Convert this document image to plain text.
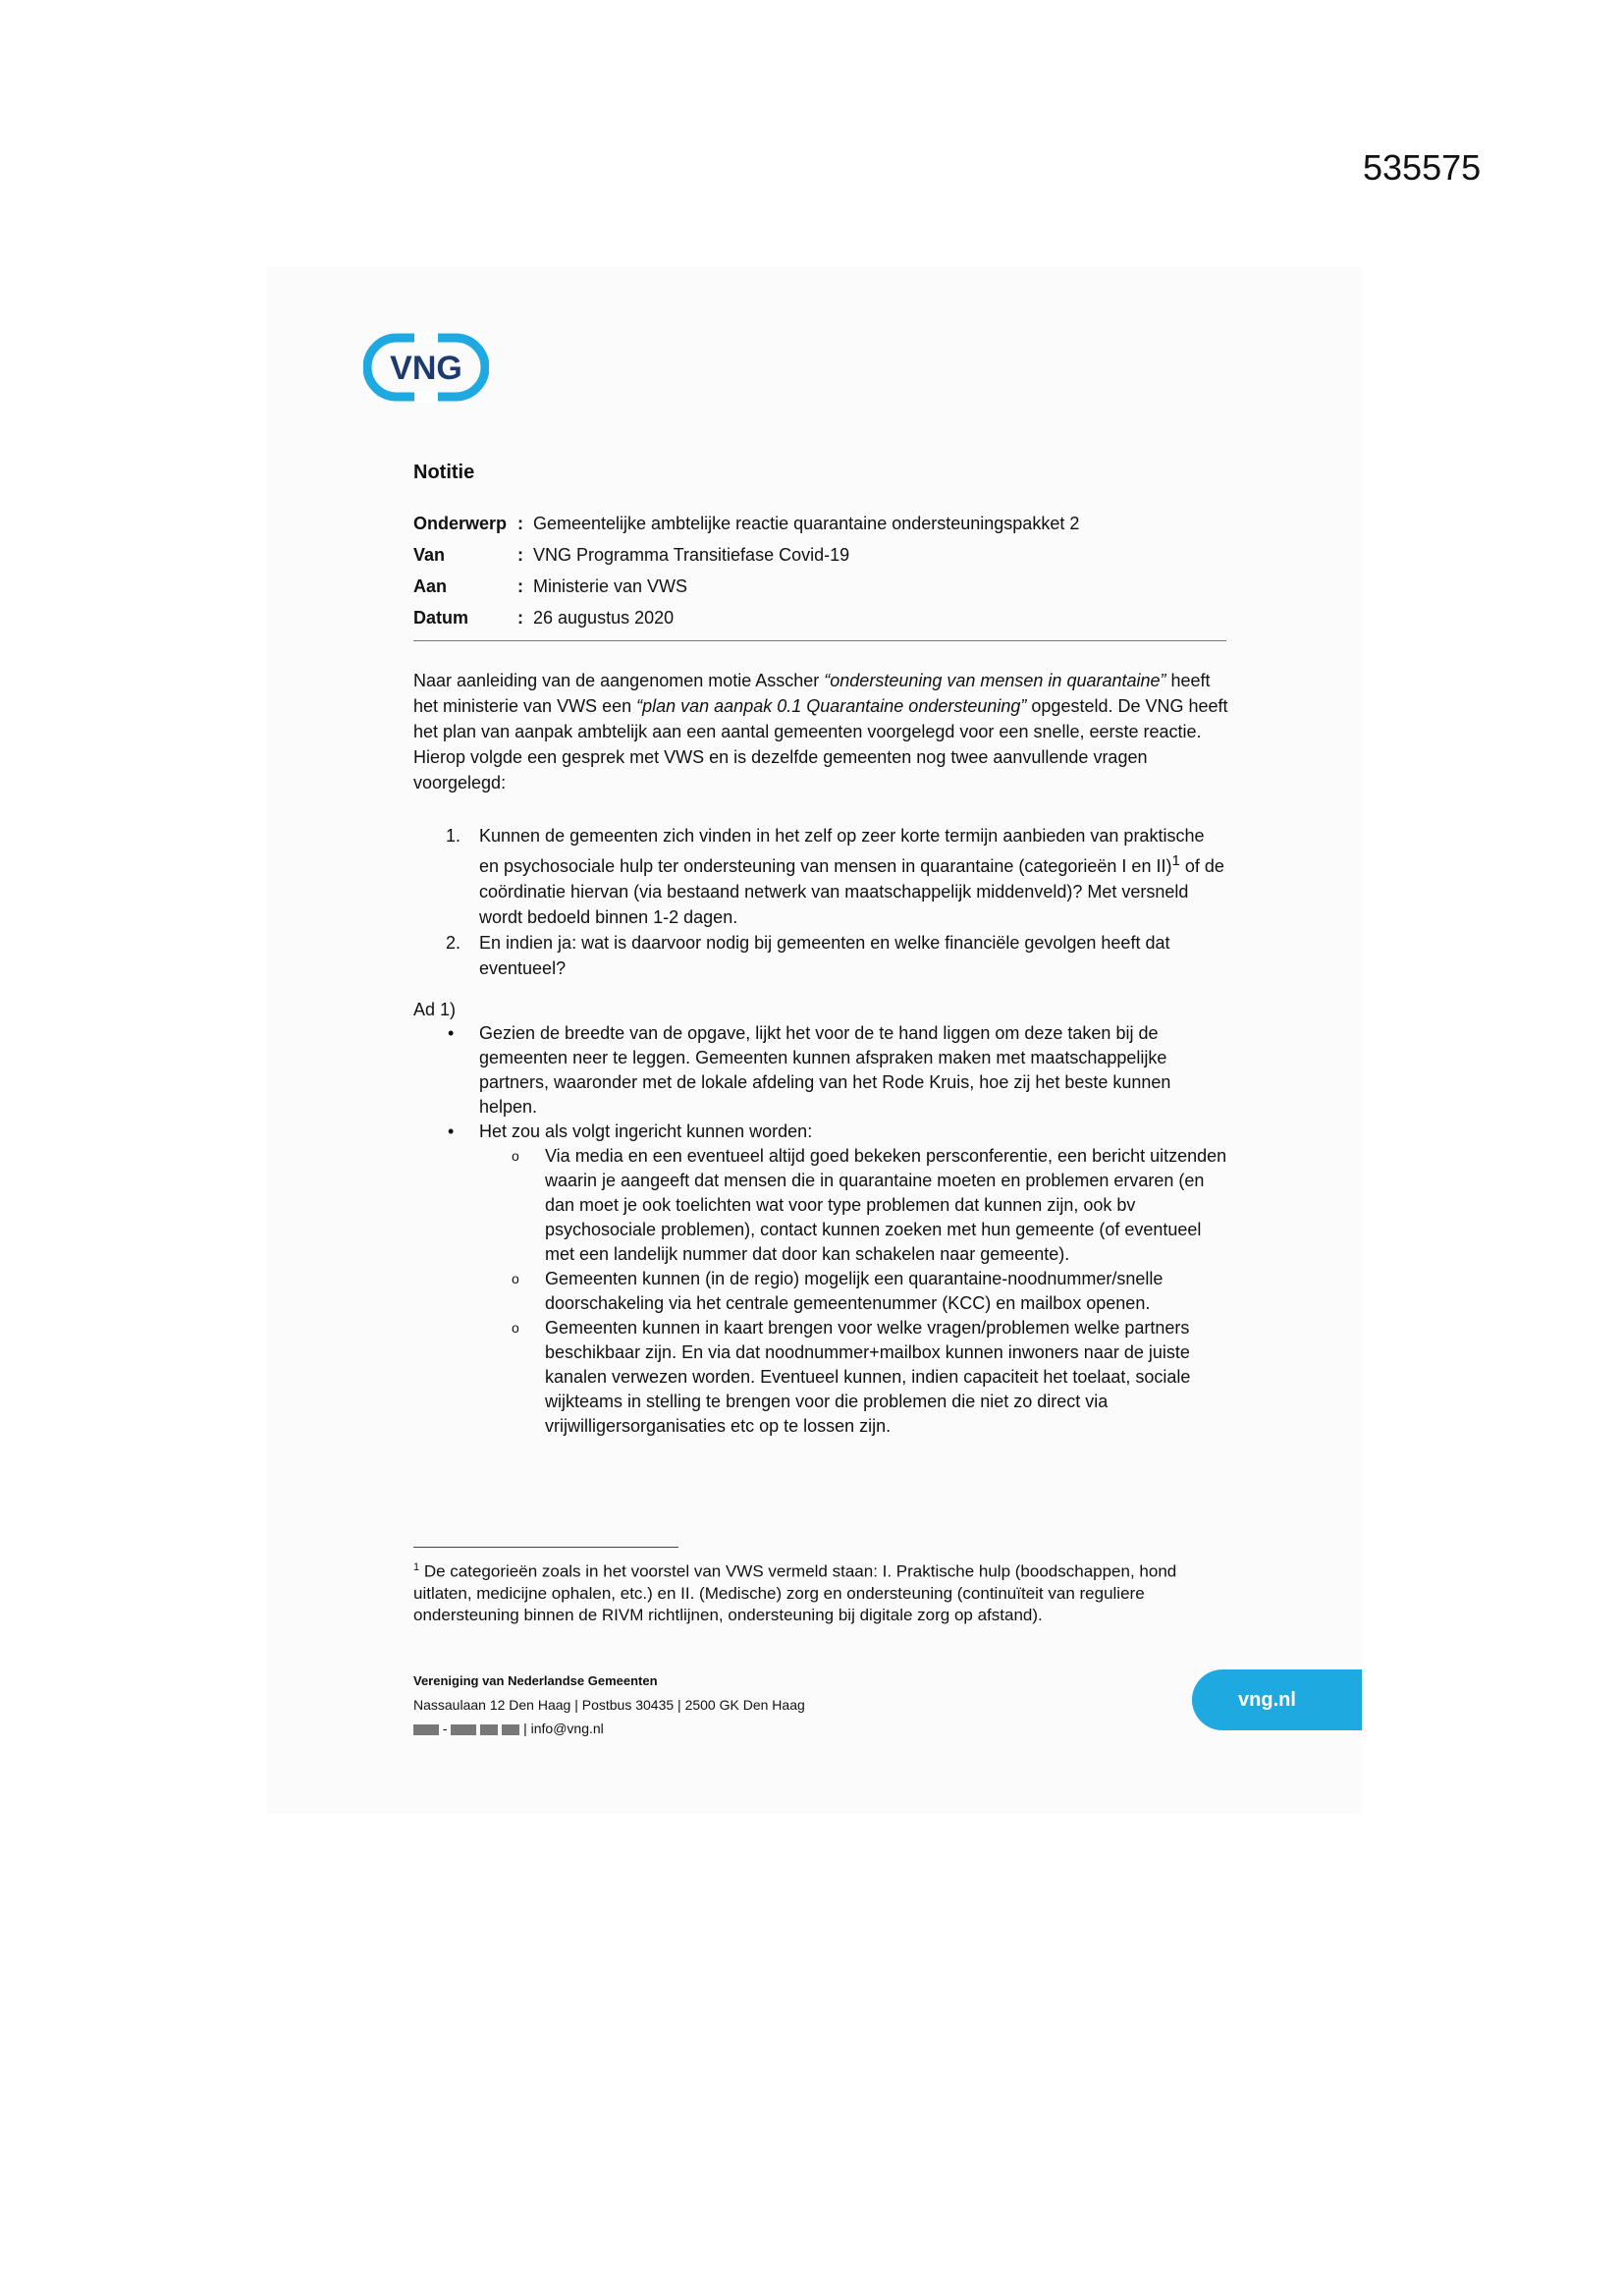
535575
VNG
Notitie
Onderwerp : Gemeentelijke ambtelijke reactie quarantaine ondersteuningspakket 2
Van	: VNG Programma Transitiefase Covid-19
Aan	: Ministerie van VWS
Datum	: 26 augustus 2020

Naar aanleiding van de aangenomen motie Asscher “ondersteuning van mensen in quarantaine” heeft het ministerie van VWS een “plan van aanpak 0.1 Quarantaine ondersteuning” opgesteld. De VNG heeft het plan van aanpak ambtelijk aan een aantal gemeenten voorgelegd voor een snelle, eerste reactie. Hierop volgde een gesprek met VWS en is dezelfde gemeenten nog twee aanvullende vragen voorgelegd:

1. Kunnen de gemeenten zich vinden in het zelf op zeer korte termijn aanbieden van praktische en psychosociale hulp ter ondersteuning van mensen in quarantaine (categorieën I en II)$^1$ of de coördinatie hiervan (via bestaand netwerk van maatschappelijk middenveld)? Met versneld wordt bedoeld binnen 1-2 dagen.
2. En indien ja: wat is daarvoor nodig bij gemeenten en welke financiële gevolgen heeft dat eventueel?
Ad 1)
• Gezien de breedte van de opgave, lijkt het voor de te hand liggen om deze taken bij de gemeenten neer te leggen. Gemeenten kunnen afspraken maken met maatschappelijke partners, waaronder met de lokale afdeling van het Rode Kruis, hoe zij het beste kunnen helpen.
• Het zou als volgt ingericht kunnen worden:
o Via media en een eventueel altijd goed bekeken persconferentie, een bericht uitzenden waarin je aangeeft dat mensen die in quarantaine moeten en problemen ervaren (en dan moet je ook toelichten wat voor type problemen dat kunnen zijn, ook bv psychosociale problemen), contact kunnen zoeken met hun gemeente (of eventueel met een landelijk nummer dat door kan schakelen naar gemeente).
o Gemeenten kunnen (in de regio) mogelijk een quarantaine-noodnummer/snelle doorschakeling via het centrale gemeentenummer (KCC) en mailbox openen.
o Gemeenten kunnen in kaart brengen voor welke vragen/problemen welke partners beschikbaar zijn. En via dat noodnummer+mailbox kunnen inwoners naar de juiste kanalen verwezen worden. Eventueel kunnen, indien capaciteit het toelaat, sociale wijkteams in stelling te brengen voor die problemen die niet zo direct via vrijwilligersorganisaties etc op te lossen zijn.
$^1$ De categorieën zoals in het voorstel van VWS vermeld staan: I. Praktische hulp (boodschappen, hond uitlaten, medicijne ophalen, etc.) en II. (Medische) zorg en ondersteuning (continuïteit van reguliere ondersteuning binnen de RIVM richtlijnen, ondersteuning bij digitale zorg op afstand).
Vereniging van Nederlandse Gemeenten
Nassaulaan 12 Den Haag | Postbus 30435 | 2500 GK Den Haag
-	| info@vng.nl
vng.nl
